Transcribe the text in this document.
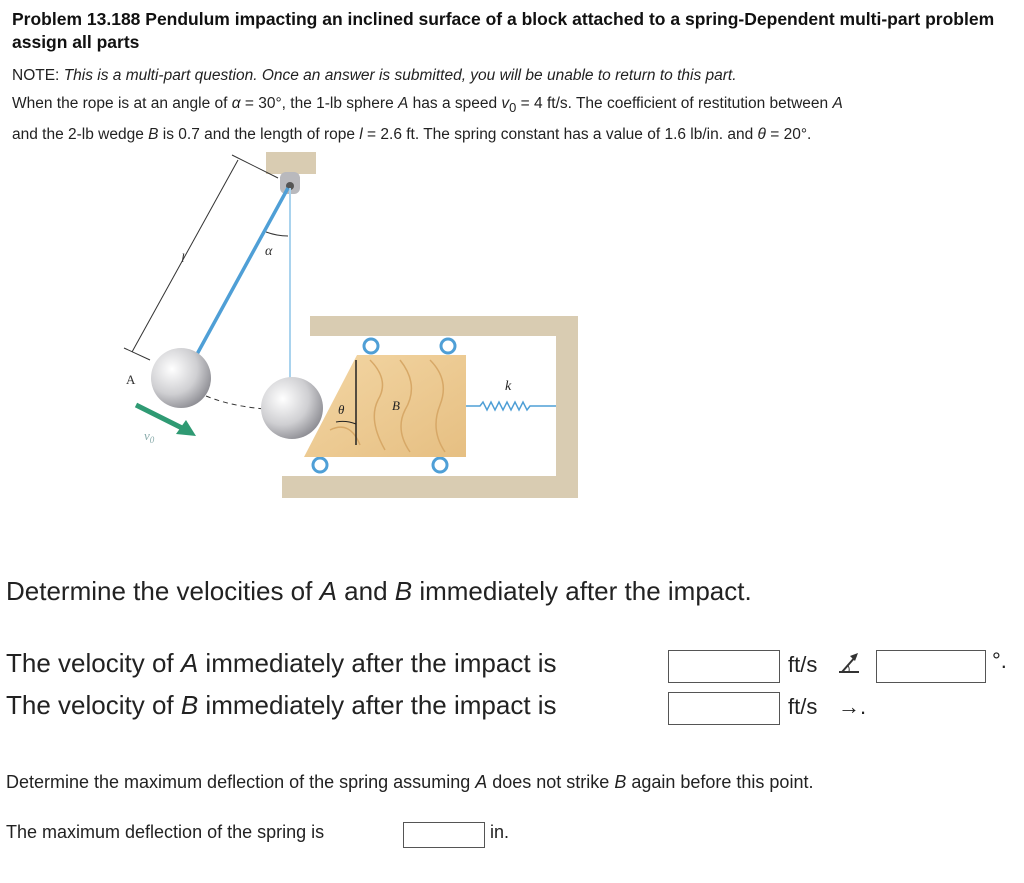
Problem 13.188 Pendulum impacting an inclined surface of a block attached to a spring-Dependent multi-part problem assign all parts
NOTE: This is a multi-part question. Once an answer is submitted, you will be unable to return to this part.
When the rope is at an angle of α = 30°, the 1-lb sphere A has a speed $v_0 = 4$ ft/s. The coefficient of restitution between A
and the 2-lb wedge B is 0.7 and the length of rope l = 2.6 ft. The spring constant has a value of 1.6 lb/in. and θ = 20°.
l	α
A
$v_0$
θ	B
k
Determine the velocities of A and B immediately after the impact.
The velocity of A immediately after the impact is	ft/s	°.
The velocity of B immediately after the impact is	ft/s →.
Determine the maximum deflection of the spring assuming A does not strike B again before this point.
The maximum deflection of the spring is	in.
